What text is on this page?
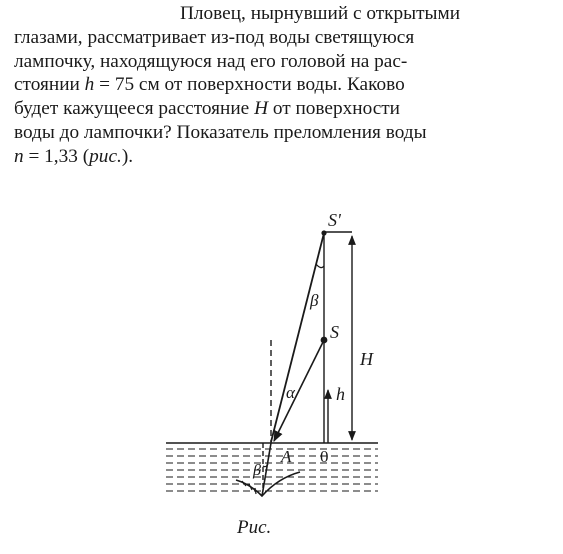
Пловец, нырнувший с открытыми
глазами, рассматривает из-под воды светящуюся
лампочку, находящуюся над его головой на рас-
стоянии h = 75 см от поверхности воды. Каково
будет кажущееся расстояние H от поверхности
воды до лампочки? Показатель преломления воды
n = 1,33 (рис.).
S'
S
β
α h
H
A 0
β
Рис.
